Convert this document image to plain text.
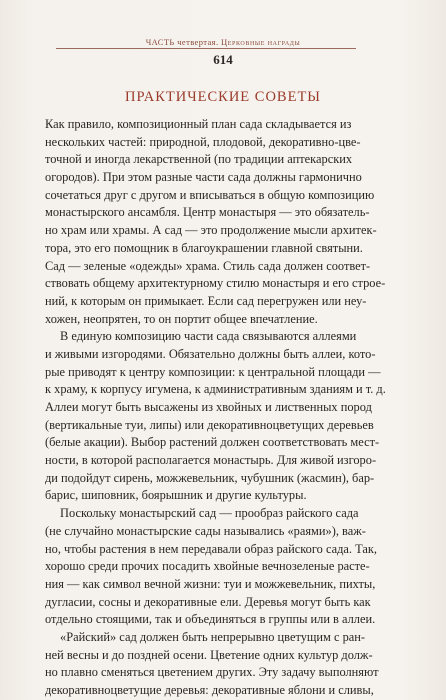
ЧАСТЬ четвертая. Церковные награды
614
ПРАКТИЧЕСКИЕ СОВЕТЫ
Как правило, композиционный план сада складывается из
нескольких частей: природной, плодовой, декоративно-цве-
точной и иногда лекарственной (по традиции аптекарских
огородов). При этом разные части сада должны гармонично
сочетаться друг с другом и вписываться в общую композицию
монастырского ансамбля. Центр монастыря — это обязатель-
но храм или храмы. А сад — это продолжение мысли архитек-
тора, это его помощник в благоукрашении главной святыни.
Сад — зеленые «одежды» храма. Стиль сада должен соответ-
ствовать общему архитектурному стилю монастыря и его строе-
ний, к которым он примыкает. Если сад перегружен или неу-
хожен, неопрятен, то он портит общее впечатление.
В единую композицию части сада связываются аллеями
и живыми изгородями. Обязательно должны быть аллеи, кото-
рые приводят к центру композиции: к центральной площади —
к храму, к корпусу игумена, к административным зданиям и т. д.
Аллеи могут быть высажены из хвойных и лиственных пород
(вертикальные туи, липы) или декоративноцветущих деревьев
(белые акации). Выбор растений должен соответствовать мест-
ности, в которой располагается монастырь. Для живой изгоро-
ди подойдут сирень, можжевельник, чубушник (жасмин), бар-
барис, шиповник, боярышник и другие культуры.
Поскольку монастырский сад — прообраз райского сада
(не случайно монастырские сады назывались «раями»), важ-
но, чтобы растения в нем передавали образ райского сада. Так,
хорошо среди прочих посадить хвойные вечнозеленые расте-
ния — как символ вечной жизни: туи и можжевельник, пихты,
дугласии, сосны и декоративные ели. Деревья могут быть как
отдельно стоящими, так и объединяться в группы или в аллеи.
«Райский» сад должен быть непрерывно цветущим с ран-
ней весны и до поздней осени. Цветение одних культур долж-
но плавно сменяться цветением других. Эту задачу выполняют
декоративноцветущие деревья: декоративные яблони и сливы,
